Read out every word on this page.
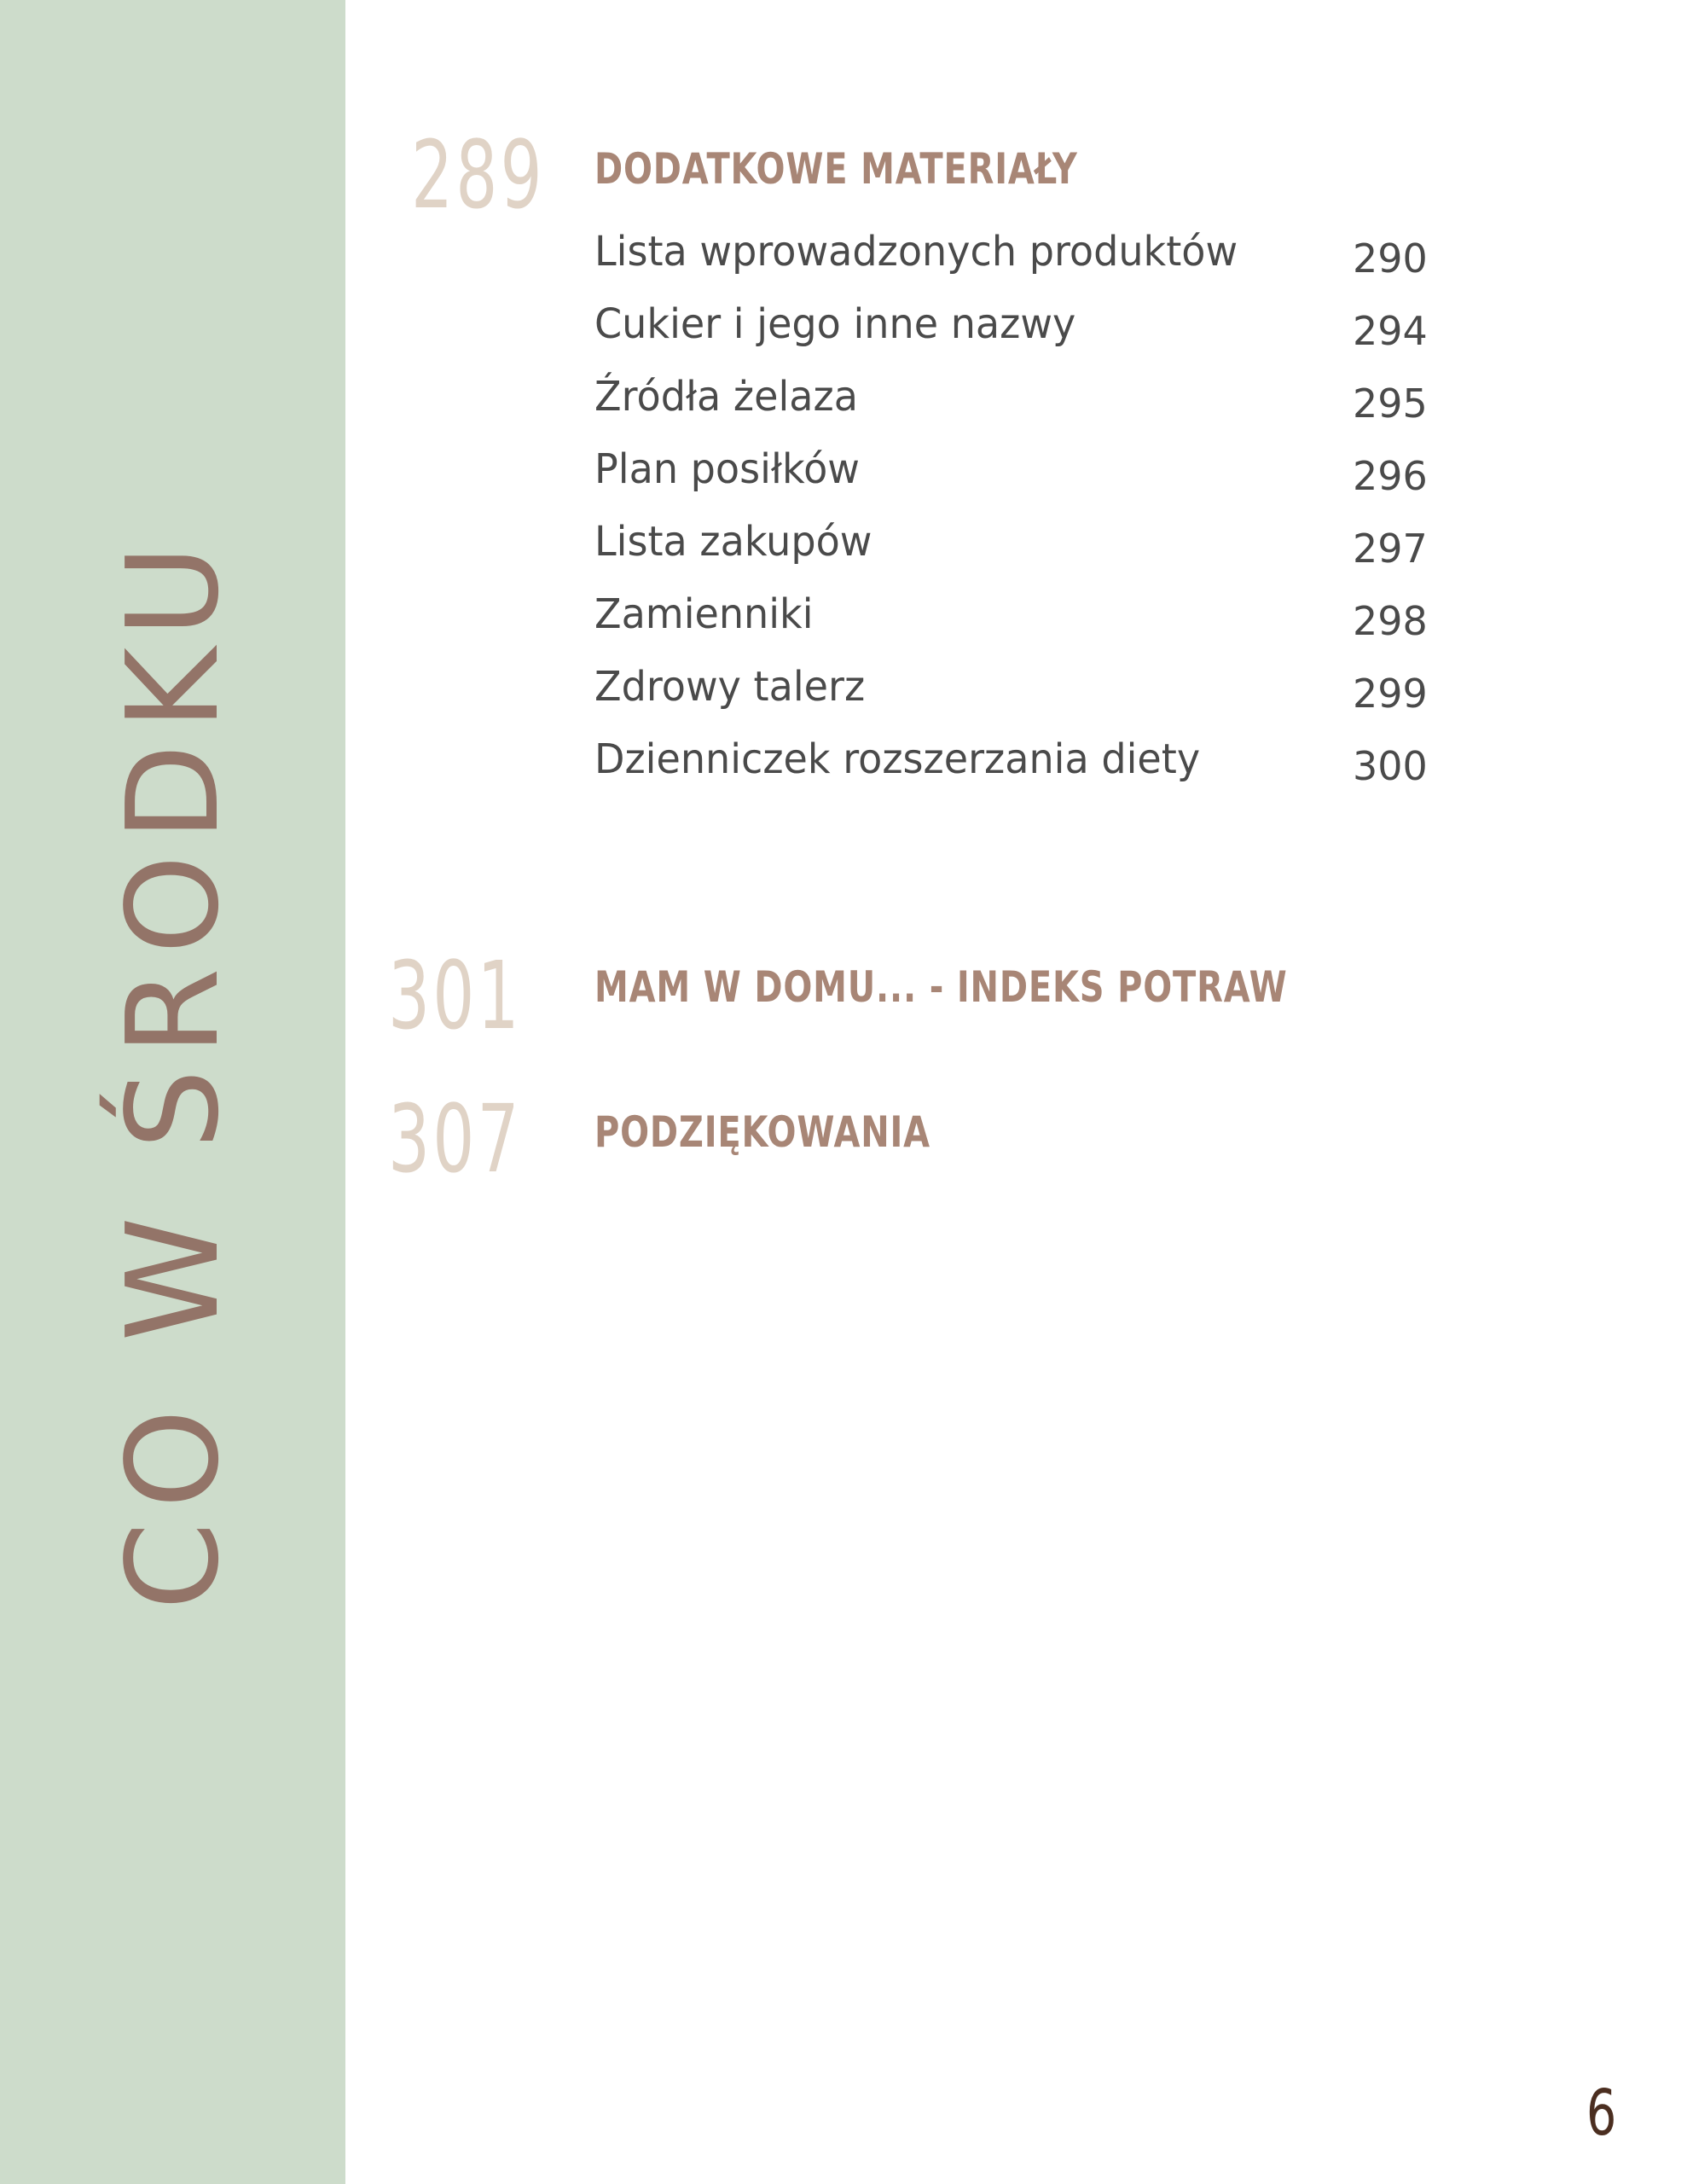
CO W ŚRODKU
289 DODATKOWE MATERIAŁY
Lista wprowadzonych produktów	290
Cukier i jego inne nazwy	294
Źródła żelaza	295
Plan posiłków	296
Lista zakupów	297
Zamienniki	298
Zdrowy talerz	299
Dzienniczek rozszerzania diety	300
301 MAM W DOMU... - INDEKS POTRAW
307 PODZIĘKOWANIA
6
